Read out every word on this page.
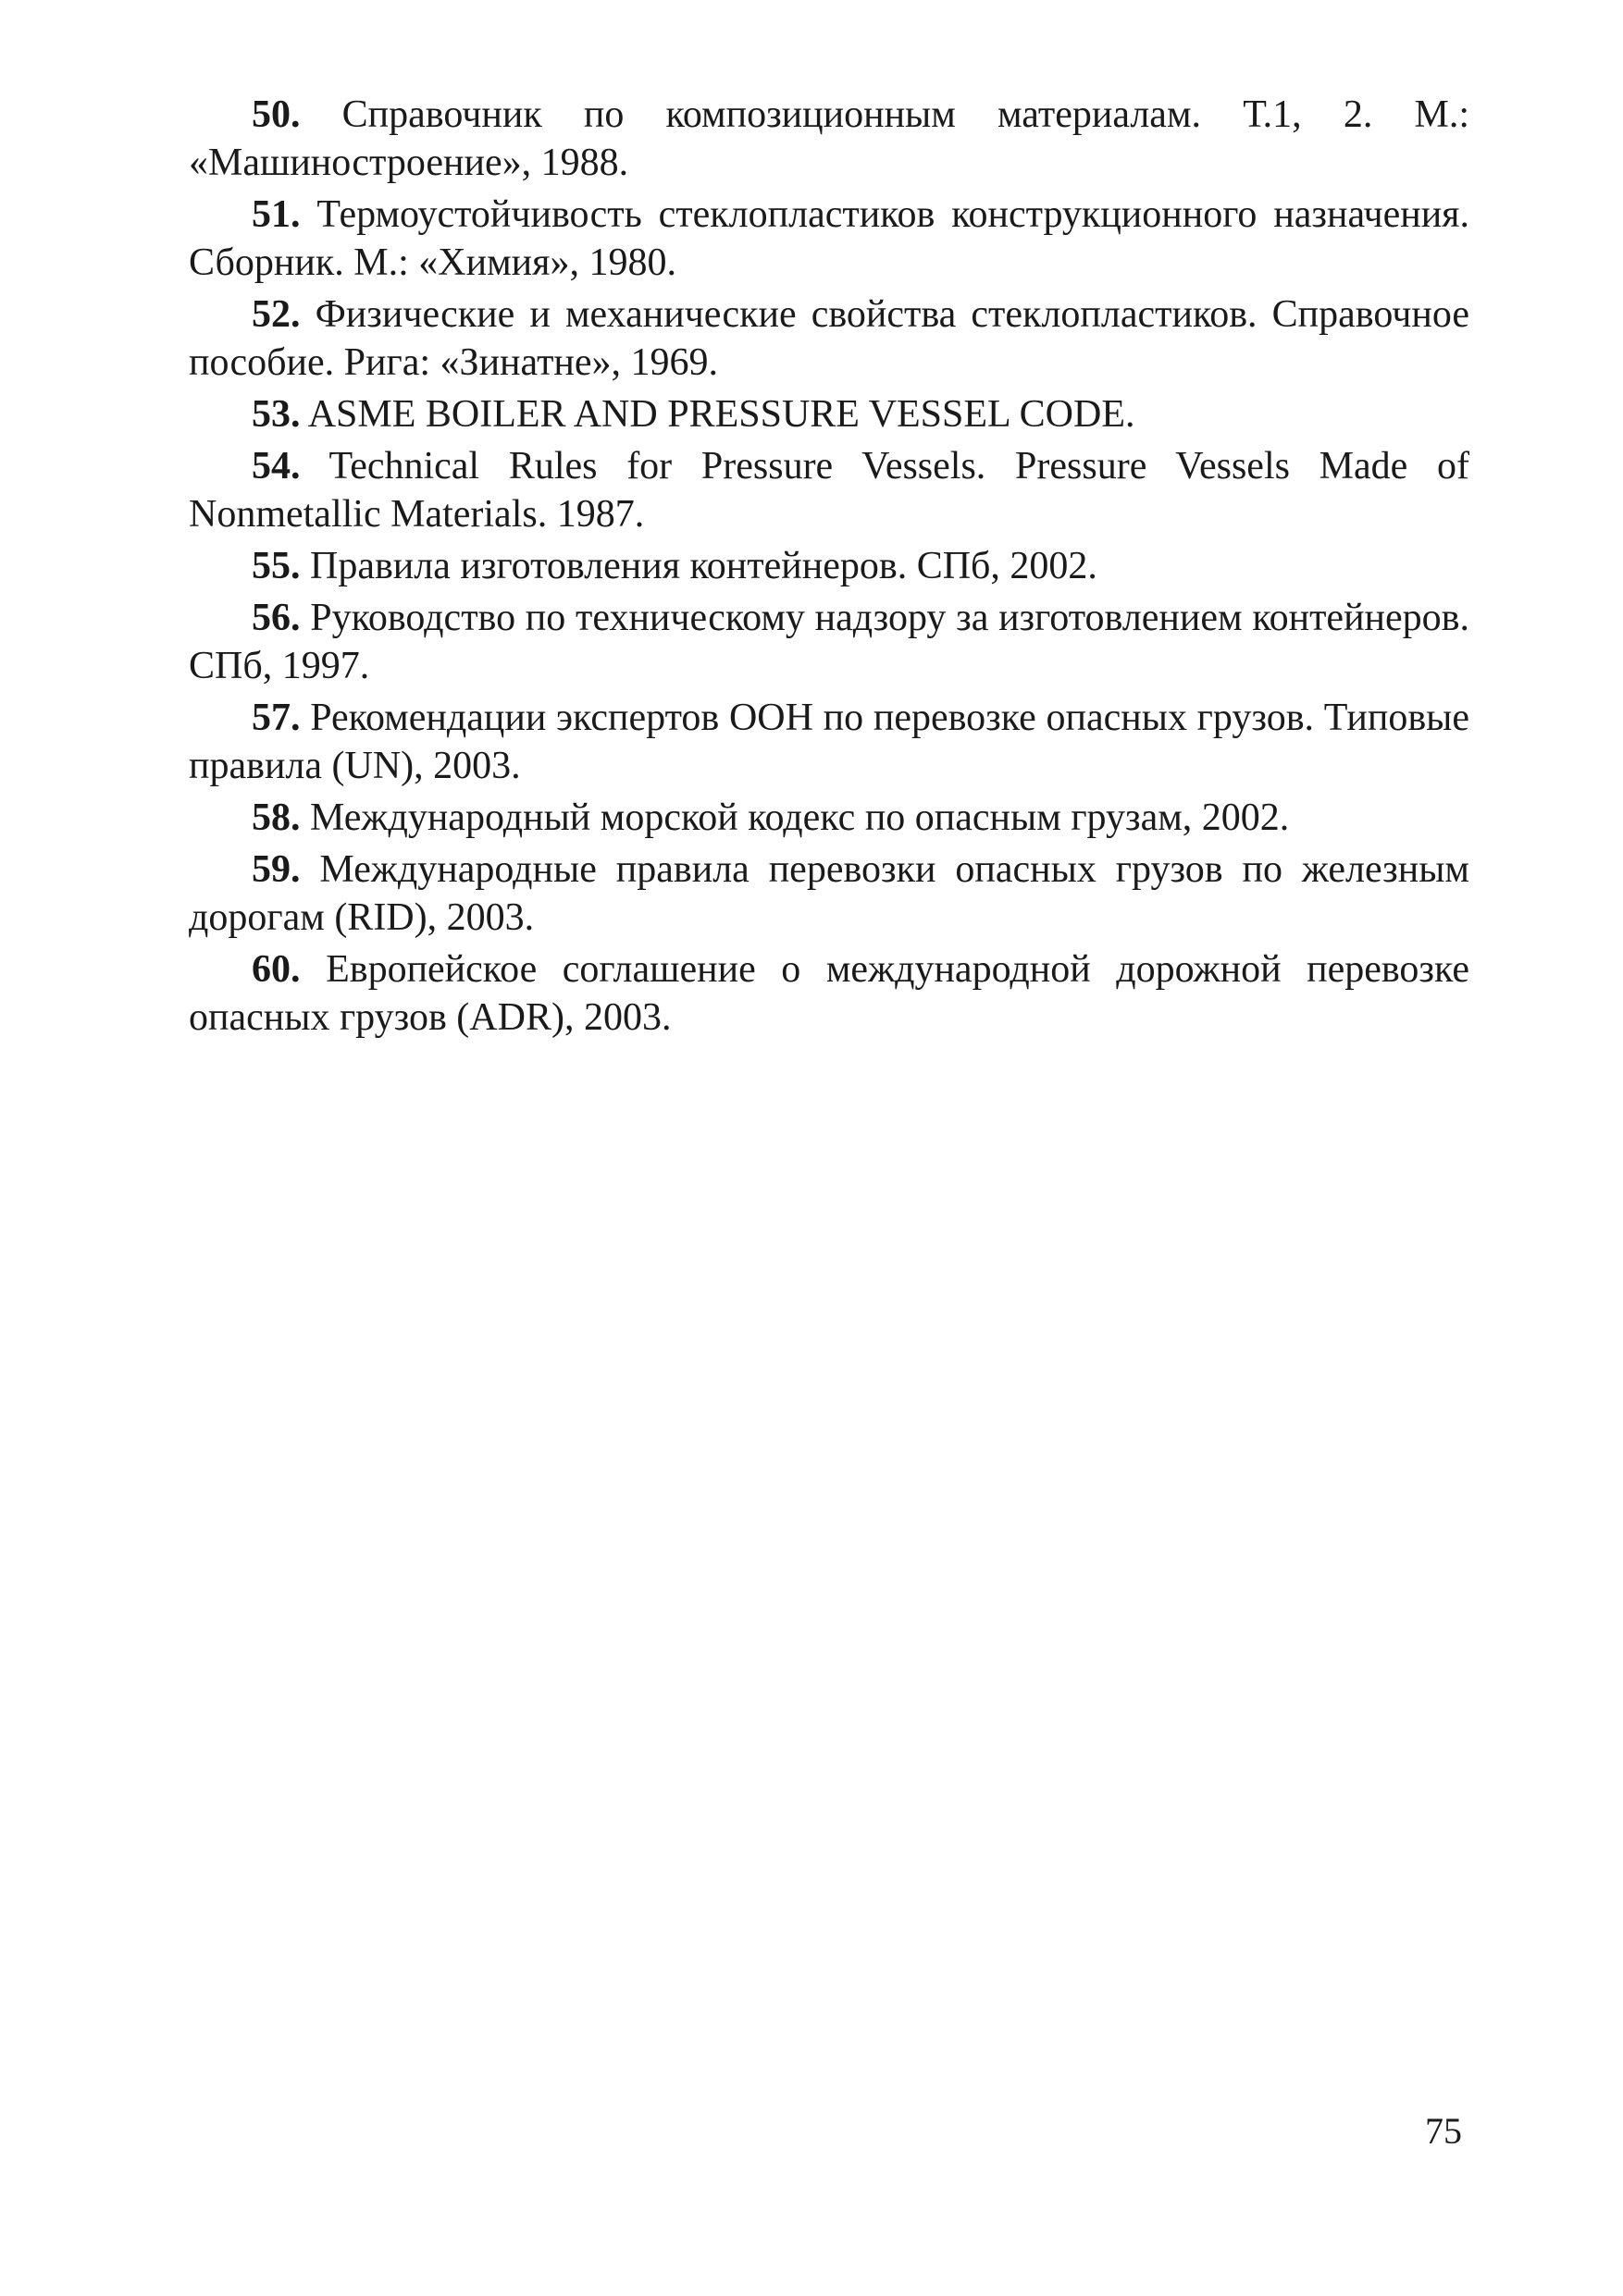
50. Справочник по композиционным материалам. Т.1, 2. М.: «Машиностроение», 1988.
51. Термоустойчивость стеклопластиков конструкционного назначения. Сборник. М.: «Химия», 1980.
52. Физические и механические свойства стеклопластиков. Справочное пособие. Рига: «Зинатне», 1969.
53. ASME BOILER AND PRESSURE VESSEL CODE.
54. Technical Rules for Pressure Vessels. Pressure Vessels Made of Nonmetallic Materials. 1987.
55. Правила изготовления контейнеров. СПб, 2002.
56. Руководство по техническому надзору за изготовлением контейнеров. СПб, 1997.
57. Рекомендации экспертов ООН по перевозке опасных грузов. Типовые правила (UN), 2003.
58. Международный морской кодекс по опасным грузам, 2002.
59. Международные правила перевозки опасных грузов по железным дорогам (RID), 2003.
60. Европейское соглашение о международной дорожной перевозке опасных грузов (ADR), 2003.
75
